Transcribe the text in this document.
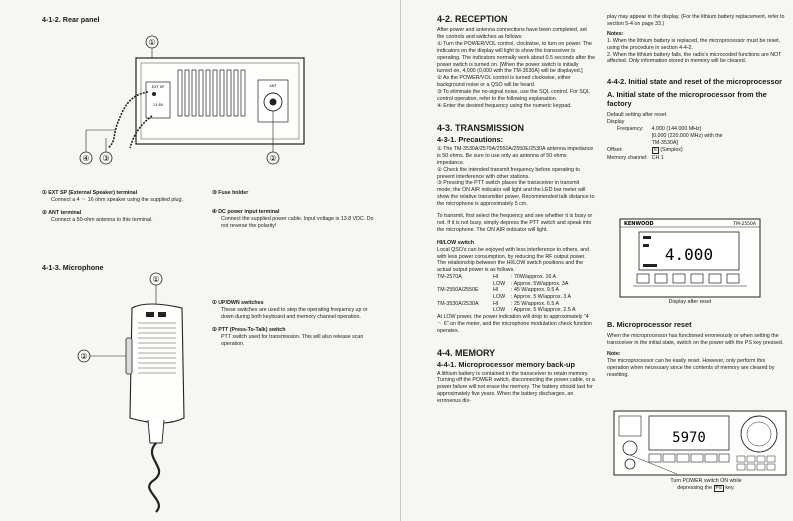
4-1-2. Rear panel
①
EXT SP
13.8V
ANT
④ ③	②
① EXT SP (External Speaker) terminal
Connect a 4 ～ 16 ohm speaker using the supplied plug.
② ANT terminal
Connect a 50-ohm antenna to this terminal.
③ Fuse holder
④ DC power input terminal
Connect the supplied power cable. Input voltage is 13.8 VDC. Do not reverse the polarity!
4-1-3. Microphone
①
②
① UP/DWN switches
These switches are used to step the operating frequency up or down during both keyboard and memory channel operation.
② PTT (Press-To-Talk) switch
PTT switch used for transmission. This will also release scan operation.
4-2. RECEPTION
After power and antenna connections have been completed, set the controls and switches as follows:

① Turn the POWER/VOL control, clockwise, to turn on power. The indicators on the display will light to show the transceiver is operating. The indicators normally work about 0.5 seconds after the power switch is turned on. [When the power switch is initially turned on, 4,000 (0,000 with the TM-3530A) will be displayed.]

② As the POWER/VOL control is turned clockwise, either background noise or a QSO will be heard.

③ To eliminate the no-signal noise, use the SQL control. For SQL control operation, refer to the following explanation.

④ Enter the desired frequency using the numeric keypad.

4-3. TRANSMISSION
4-3-1. Precautions:

① The TM-3530A/2570A/2550A/2550E/2530A antenna impedance is 50 ohms. Be sure to use only an antenna of 50 ohms impedance.

② Check the intended transmit frequency before operating to prevent interference with other stations.

③ Pressing the PTT switch places the transceiver in transmit mode; the ON AIR indicator will light and the LED bar meter will show the relative transmitter power. Recommended talk distance to the microphone is approximately 5 cm.

To transmit, first select the frequency and see whether it is busy or not. If it is not busy, simply depress the PTT switch and speak into the microphone. The ON AIR indicator will light.
HI/LOW switch
Local QSO's can be enjoyed with less interference to others, and with less power consumption, by reducing the RF output power.
The relationship between the HI/LOW switch positions and the actual output power is as follows.
TM-2570A	HI	: 70W/approx. 16 A
	LOW	: Approx. 5W/approx. 3A
TM-2550A/2550E	HI	: 45 W/approx. 9.5 A
	LOW	: Approx. 5 W/approx. 3 A
TM-3530A/2530A	HI	: 25 W/approx. 6.5 A
	LOW	: Approx. 5 W/approx. 2.5 A
At LOW power, the power indication will drop to approximately "4 ～ 6" on the meter, and the microphone modulation check function operates.
4-4. MEMORY
4-4-1. Microprocessor memory back-up
A lithium battery is contained in the transceiver to retain memory. Turning off the POWER switch, disconnecting the power cable, or a power failure will not erase the memory. The battery should last for approximately five years. When the battery discharges, an erroneous dis-
play may appear in the display. (For the lithium battery replacement, refer to section 5-4 on page 33.)
Notes:
1. When the lithium battery is replaced, the microprocessor must be reset, using the procedure in section 4-4-2.
2. When the lithium battery fails, the radio's microcoded functions are NOT affected. Only information stored in memory will be cleared.
4-4-2. Initial state and reset of the microprocessor
A. Initial state of the microprocessor from the factory
Default setting after reset
Display
Frequency:	4.000 (144.000 MHz)
	[0.000 (220.000 MHz) with the
	TM-3530A]
Offset:	S (Simplex)
Memory channel:	CH 1
KENWOOD	TM-2550A
4.000
Display after reset
B. Microprocessor reset
When the microprocessor has functioned erroneously or when setting the transceiver in the initial state, switch on the power with the PS key pressed.
Note:
The microprocessor can be easily reset. However, only perform this operation when necessary since the contents of memory are cleared by resetting.
5970
Turn POWER switch ON while
depressing the PS key.
